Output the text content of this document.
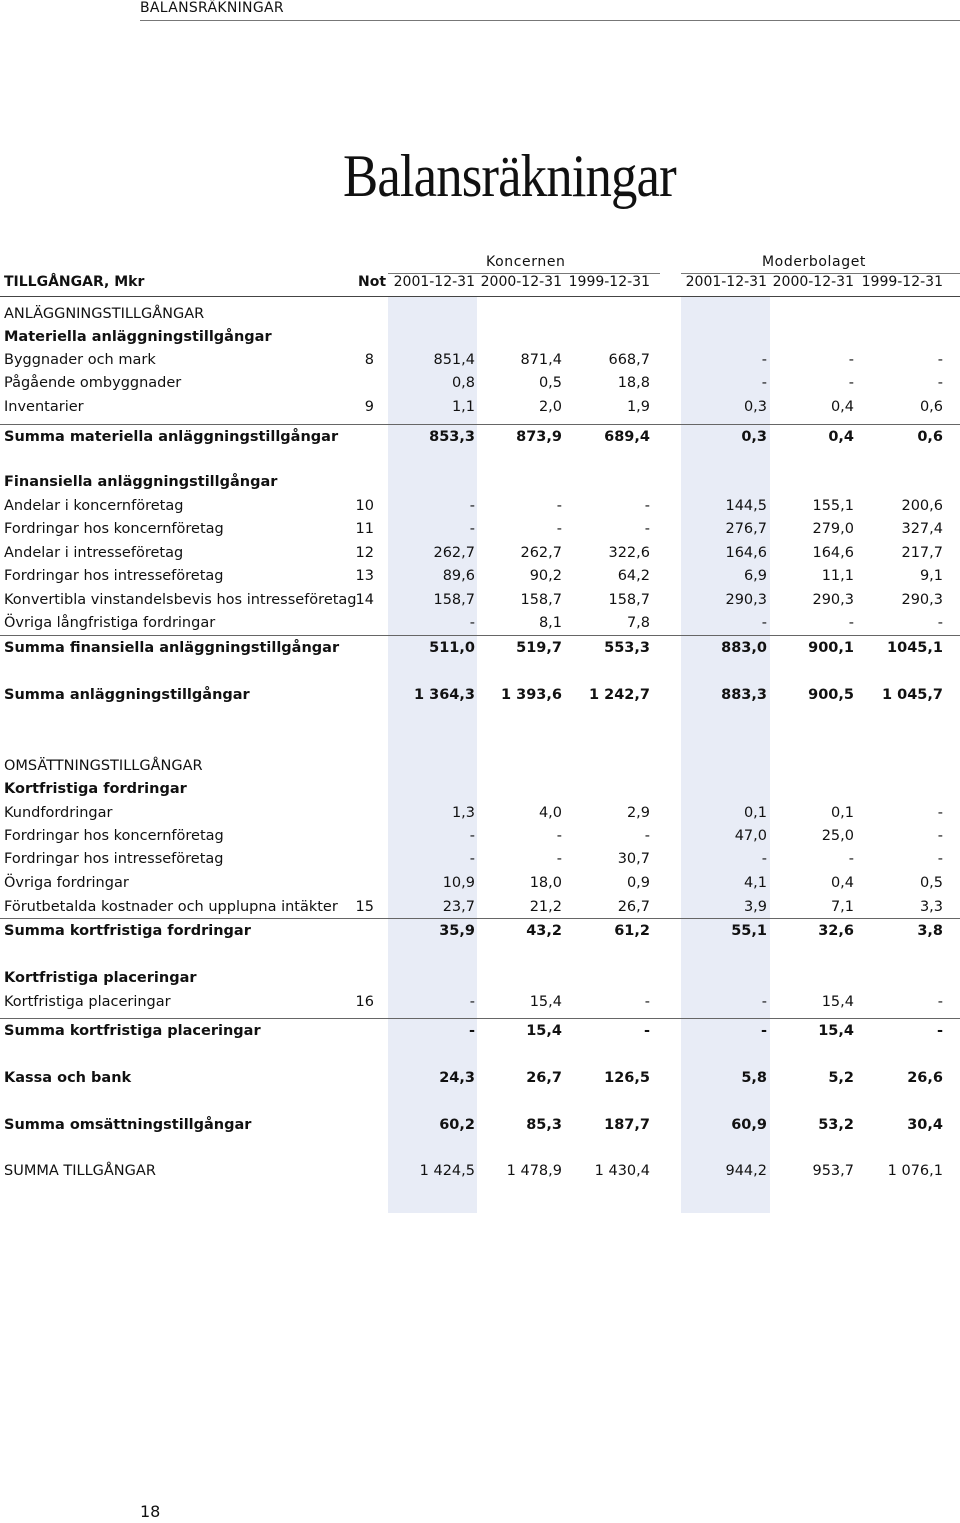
BALANSRÄKNINGAR
Balansräkningar
Koncernen	Moderbolaget
TILLGÅNGAR, Mkr	Not 2001-12-31 2000-12-31 1999-12-31	2001-12-31 2000-12-31 1999-12-31
ANLÄGGNINGSTILLGÅNGAR
Materiella anläggningstillgångar
Byggnader och mark	8	851,4	871,4	668,7	-	-	-
Pågående ombyggnader	0,8	0,5	18,8	-	-	-
Inventarier	9	1,1	2,0	1,9	0,3	0,4	0,6
Summa materiella anläggningstillgångar	853,3	873,9	689,4	0,3	0,4	0,6
Finansiella anläggningstillgångar
Andelar i koncernföretag	10	-	-	-	144,5	155,1	200,6
Fordringar hos koncernföretag	11	-	-	-	276,7	279,0	327,4
Andelar i intresseföretag	12	262,7	262,7	322,6	164,6	164,6	217,7
Fordringar hos intresseföretag	13	89,6	90,2	64,2	6,9	11,1	9,1
Konvertibla vinstandelsbevis hos intresseföretag 14	158,7	158,7	158,7	290,3	290,3	290,3
Övriga långfristiga fordringar	-	8,1	7,8	-	-	-
Summa finansiella anläggningstillgångar	511,0	519,7	553,3	883,0	900,1	1045,1
Summa anläggningstillgångar	1 364,3	1 393,6	1 242,7	883,3	900,5	1 045,7
OMSÄTTNINGSTILLGÅNGAR
Kortfristiga fordringar
Kundfordringar	1,3	4,0	2,9	0,1	0,1	-
Fordringar hos koncernföretag	-	-	-	47,0	25,0	-
Fordringar hos intresseföretag	-	-	30,7	-	-	-
Övriga fordringar	10,9	18,0	0,9	4,1	0,4	0,5
Förutbetalda kostnader och upplupna intäkter	15	23,7	21,2	26,7	3,9	7,1	3,3
Summa kortfristiga fordringar	35,9	43,2	61,2	55,1	32,6	3,8
Kortfristiga placeringar
Kortfristiga placeringar	16	-	15,4	-	-	15,4	-
Summa kortfristiga placeringar	-	15,4	-	-	15,4	-
Kassa och bank	24,3	26,7	126,5	5,8	5,2	26,6
Summa omsättningstillgångar	60,2	85,3	187,7	60,9	53,2	30,4
SUMMA TILLGÅNGAR	1 424,5	1 478,9	1 430,4	944,2	953,7	1 076,1
18
